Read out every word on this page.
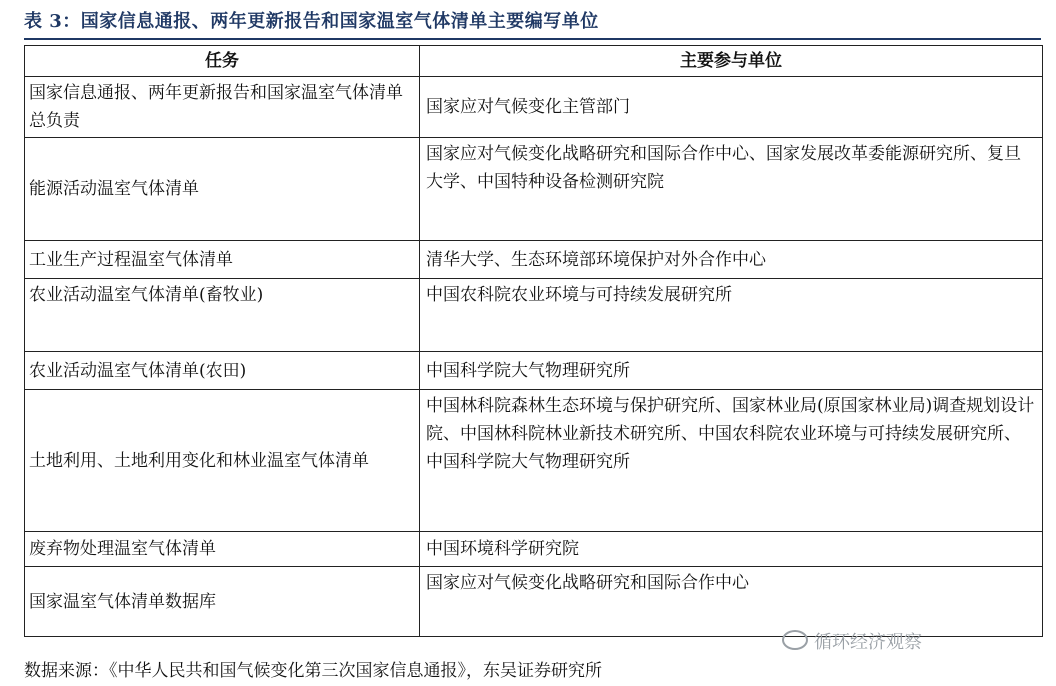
表 3：国家信息通报、两年更新报告和国家温室气体清单主要编写单位
任务	主要参与单位
国家信息通报、两年更新报告和国家温室气体清单总负责	国家应对气候变化主管部门
能源活动温室气体清单	国家应对气候变化战略研究和国际合作中心、国家发展改革委能源研究所、复旦大学、中国特种设备检测研究院
工业生产过程温室气体清单	清华大学、生态环境部环境保护对外合作中心
农业活动温室气体清单(畜牧业)	中国农科院农业环境与可持续发展研究所
农业活动温室气体清单(农田)	中国科学院大气物理研究所
土地利用、土地利用变化和林业温室气体清单	中国林科院森林生态环境与保护研究所、国家林业局(原国家林业局)调查规划设计院、中国林科院林业新技术研究所、中国农科院农业环境与可持续发展研究所、中国科学院大气物理研究所
废弃物处理温室气体清单	中国环境科学研究院
国家温室气体清单数据库	国家应对气候变化战略研究和国际合作中心
循环经济观察
数据来源：《中华人民共和国气候变化第三次国家信息通报》，东吴证券研究所
